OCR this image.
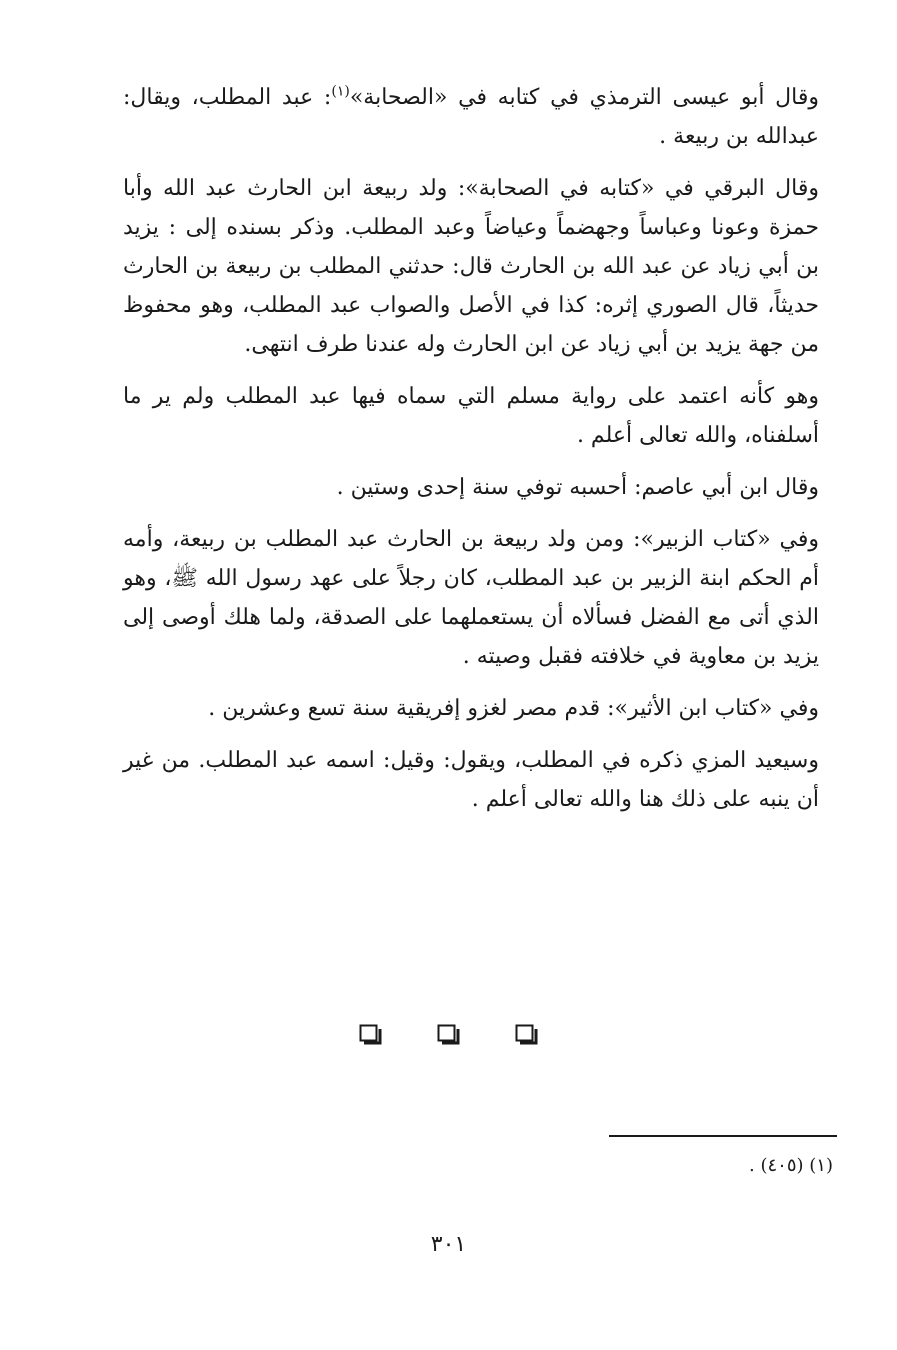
وقال أبو عيسى الترمذي في كتابه في «الصحابة»$^{(١)}$: عبد المطلب، ويقال: عبدالله بن ربيعة .

وقال البرقي في «كتابه في الصحابة»: ولد ربيعة ابن الحارث عبد الله وأبا حمزة وعونا وعباساً وجهضماً وعياضاً وعبد المطلب. وذكر بسنده إلى : يزيد بن أبي زياد عن عبد الله بن الحارث قال: حدثني المطلب بن ربيعة بن الحارث حديثاً، قال الصوري إثره: كذا في الأصل والصواب عبد المطلب، وهو محفوظ من جهة يزيد بن أبي زياد عن ابن الحارث وله عندنا طرف انتهى.

وهو كأنه اعتمد على رواية مسلم التي سماه فيها عبد المطلب ولم ير ما أسلفناه، والله تعالى أعلم .

وقال ابن أبي عاصم: أحسبه توفي سنة إحدى وستين .

وفي «كتاب الزبير»: ومن ولد ربيعة بن الحارث عبد المطلب بن ربيعة، وأمه أم الحكم ابنة الزبير بن عبد المطلب، كان رجلاً على عهد رسول الله ﷺ، وهو الذي أتى مع الفضل فسألاه أن يستعملهما على الصدقة، ولما هلك أوصى إلى يزيد بن معاوية في خلافته فقبل وصيته .

وفي «كتاب ابن الأثير»: قدم مصر لغزو إفريقية سنة تسع وعشرين .

وسيعيد المزي ذكره في المطلب، ويقول: وقيل: اسمه عبد المطلب. من غير أن ينبه على ذلك هنا والله تعالى أعلم .

(١) (٤٠٥) .
٣٠١
